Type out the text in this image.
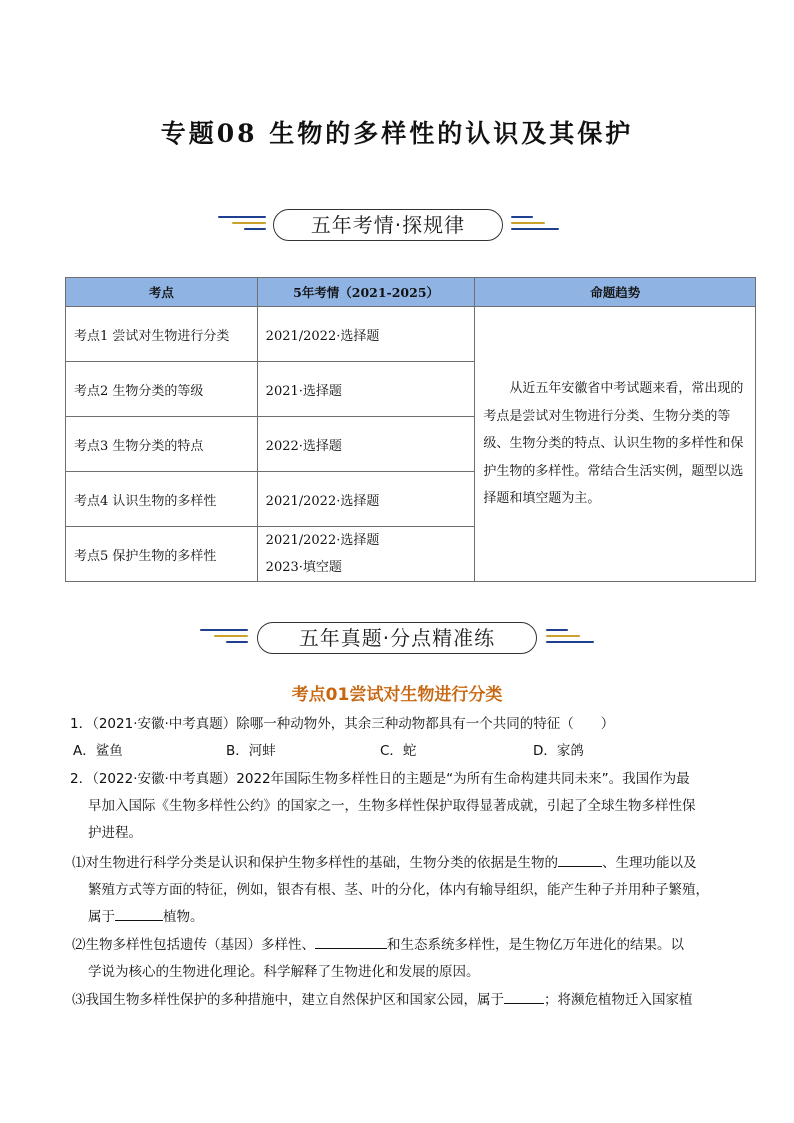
专题08 生物的多样性的认识及其保护
五年考情·探规律
考点	5年考情（2021-2025）	命题趋势
考点1 尝试对生物进行分类	2021/2022·选择题	从近五年安徽省中考试题来看，常出现的考点是尝试对生物进行分类、生物分类的等级、生物分类的特点、认识生物的多样性和保护生物的多样性。常结合生活实例，题型以选择题和填空题为主。
考点2 生物分类的等级	2021·选择题	
考点3 生物分类的特点	2022·选择题	
考点4 认识生物的多样性	2021/2022·选择题	
考点5 保护生物的多样性	2021/2022·选择题
2023·填空题	
五年真题·分点精准练
考点01尝试对生物进行分类
1．（2021·安徽·中考真题）除哪一种动物外，其余三种动物都具有一个共同的特征（　　）
A．鲨鱼	B．河蚌	C．蛇	D．家鸽
2．（2022·安徽·中考真题）2022年国际生物多样性日的主题是“为所有生命构建共同未来”。我国作为最
早加入国际《生物多样性公约》的国家之一，生物多样性保护取得显著成就，引起了全球生物多样性保
护进程。
⑴对生物进行科学分类是认识和保护生物多样性的基础，生物分类的依据是生物的	、生理功能以及
繁殖方式等方面的特征，例如，银杏有根、茎、叶的分化，体内有输导组织，能产生种子并用种子繁殖，
属于	植物。
⑵生物多样性包括遗传（基因）多样性、	和生态系统多样性，是生物亿万年进化的结果。以
学说为核心的生物进化理论。科学解释了生物进化和发展的原因。
⑶我国生物多样性保护的多种措施中，建立自然保护区和国家公园，属于	；将濒危植物迁入国家植
